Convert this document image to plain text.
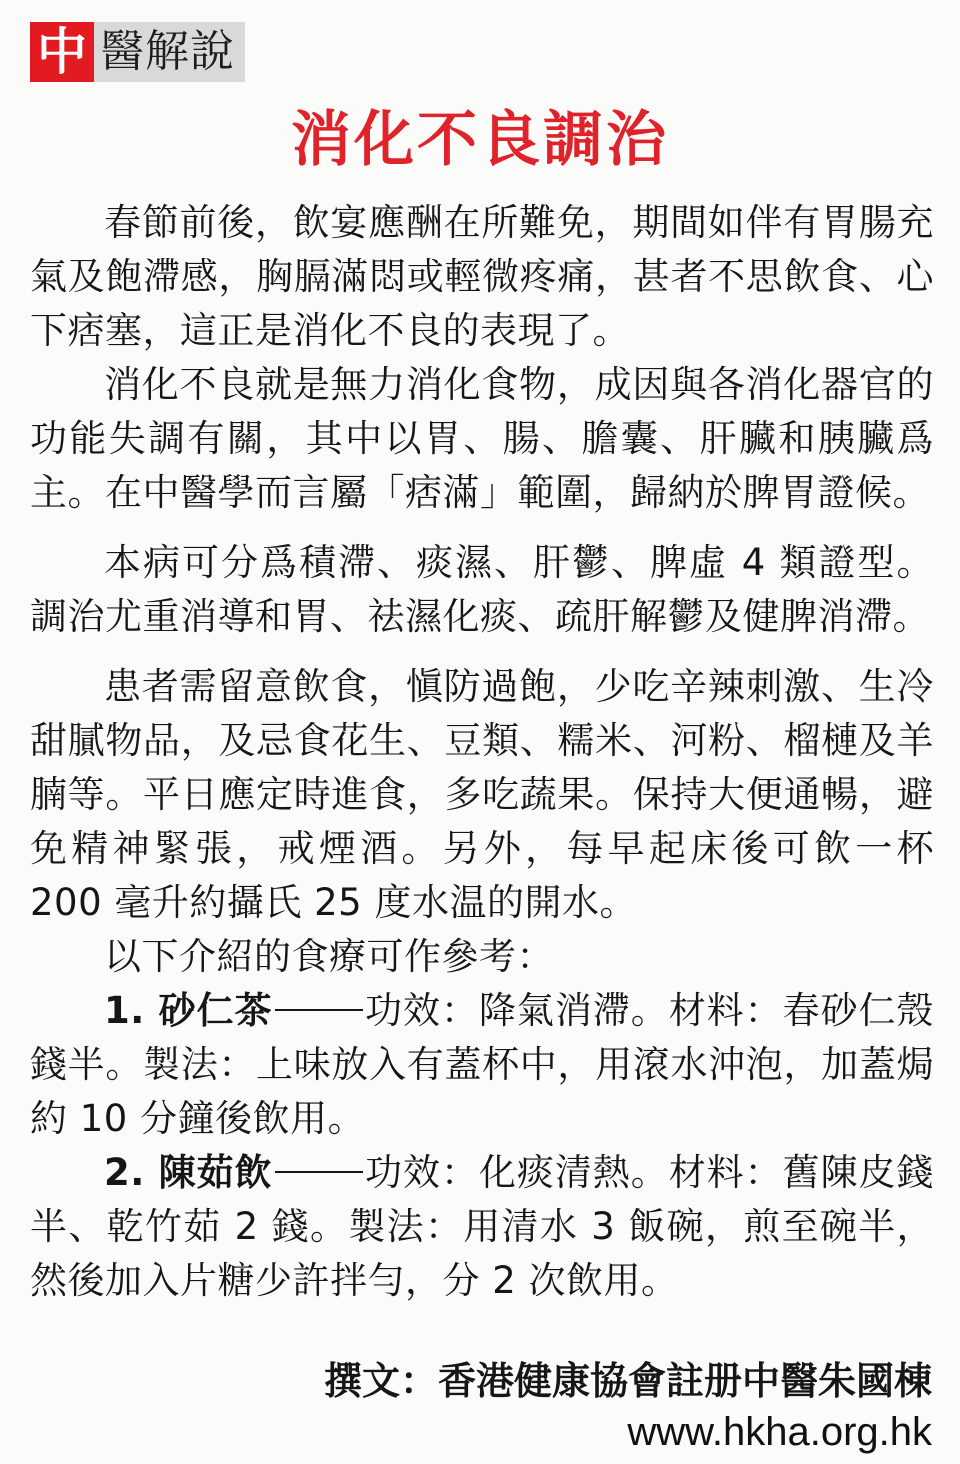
中 醫解說
消化不良調治

春節前後，飲宴應酬在所難免，期間如伴有胃腸充氣及飽滯感，胸膈滿悶或輕微疼痛，甚者不思飲食、心下痞塞，這正是消化不良的表現了。

消化不良就是無力消化食物，成因與各消化器官的功能失調有關，其中以胃、腸、膽囊、肝臟和胰臟爲主。在中醫學而言屬「痞滿」範圍，歸納於脾胃證候。

本病可分爲積滯、痰濕、肝鬱、脾虛 4 類證型。調治尤重消導和胃、祛濕化痰、疏肝解鬱及健脾消滯。

患者需留意飲食，愼防過飽，少吃辛辣刺激、生冷甜膩物品，及忌食花生、豆類、糯米、河粉、榴槤及羊腩等。平日應定時進食，多吃蔬果。保持大便通暢，避免精神緊張，戒煙酒。另外，每早起床後可飲一杯 200 毫升約攝氏 25 度水温的開水。

以下介紹的食療可作參考：

1. 砂仁茶 功效：降氣消滯。材料：春砂仁殼錢半。製法：上味放入有蓋杯中，用滾水沖泡，加蓋焗約 10 分鐘後飲用。

2. 陳茹飲 功效：化痰清熱。材料：舊陳皮錢半、乾竹茹 2 錢。製法：用清水 3 飯碗，煎至碗半，然後加入片糖少許拌勻，分 2 次飲用。

撰文：香港健康協會註册中醫朱國棟

www.hkha.org.hk
